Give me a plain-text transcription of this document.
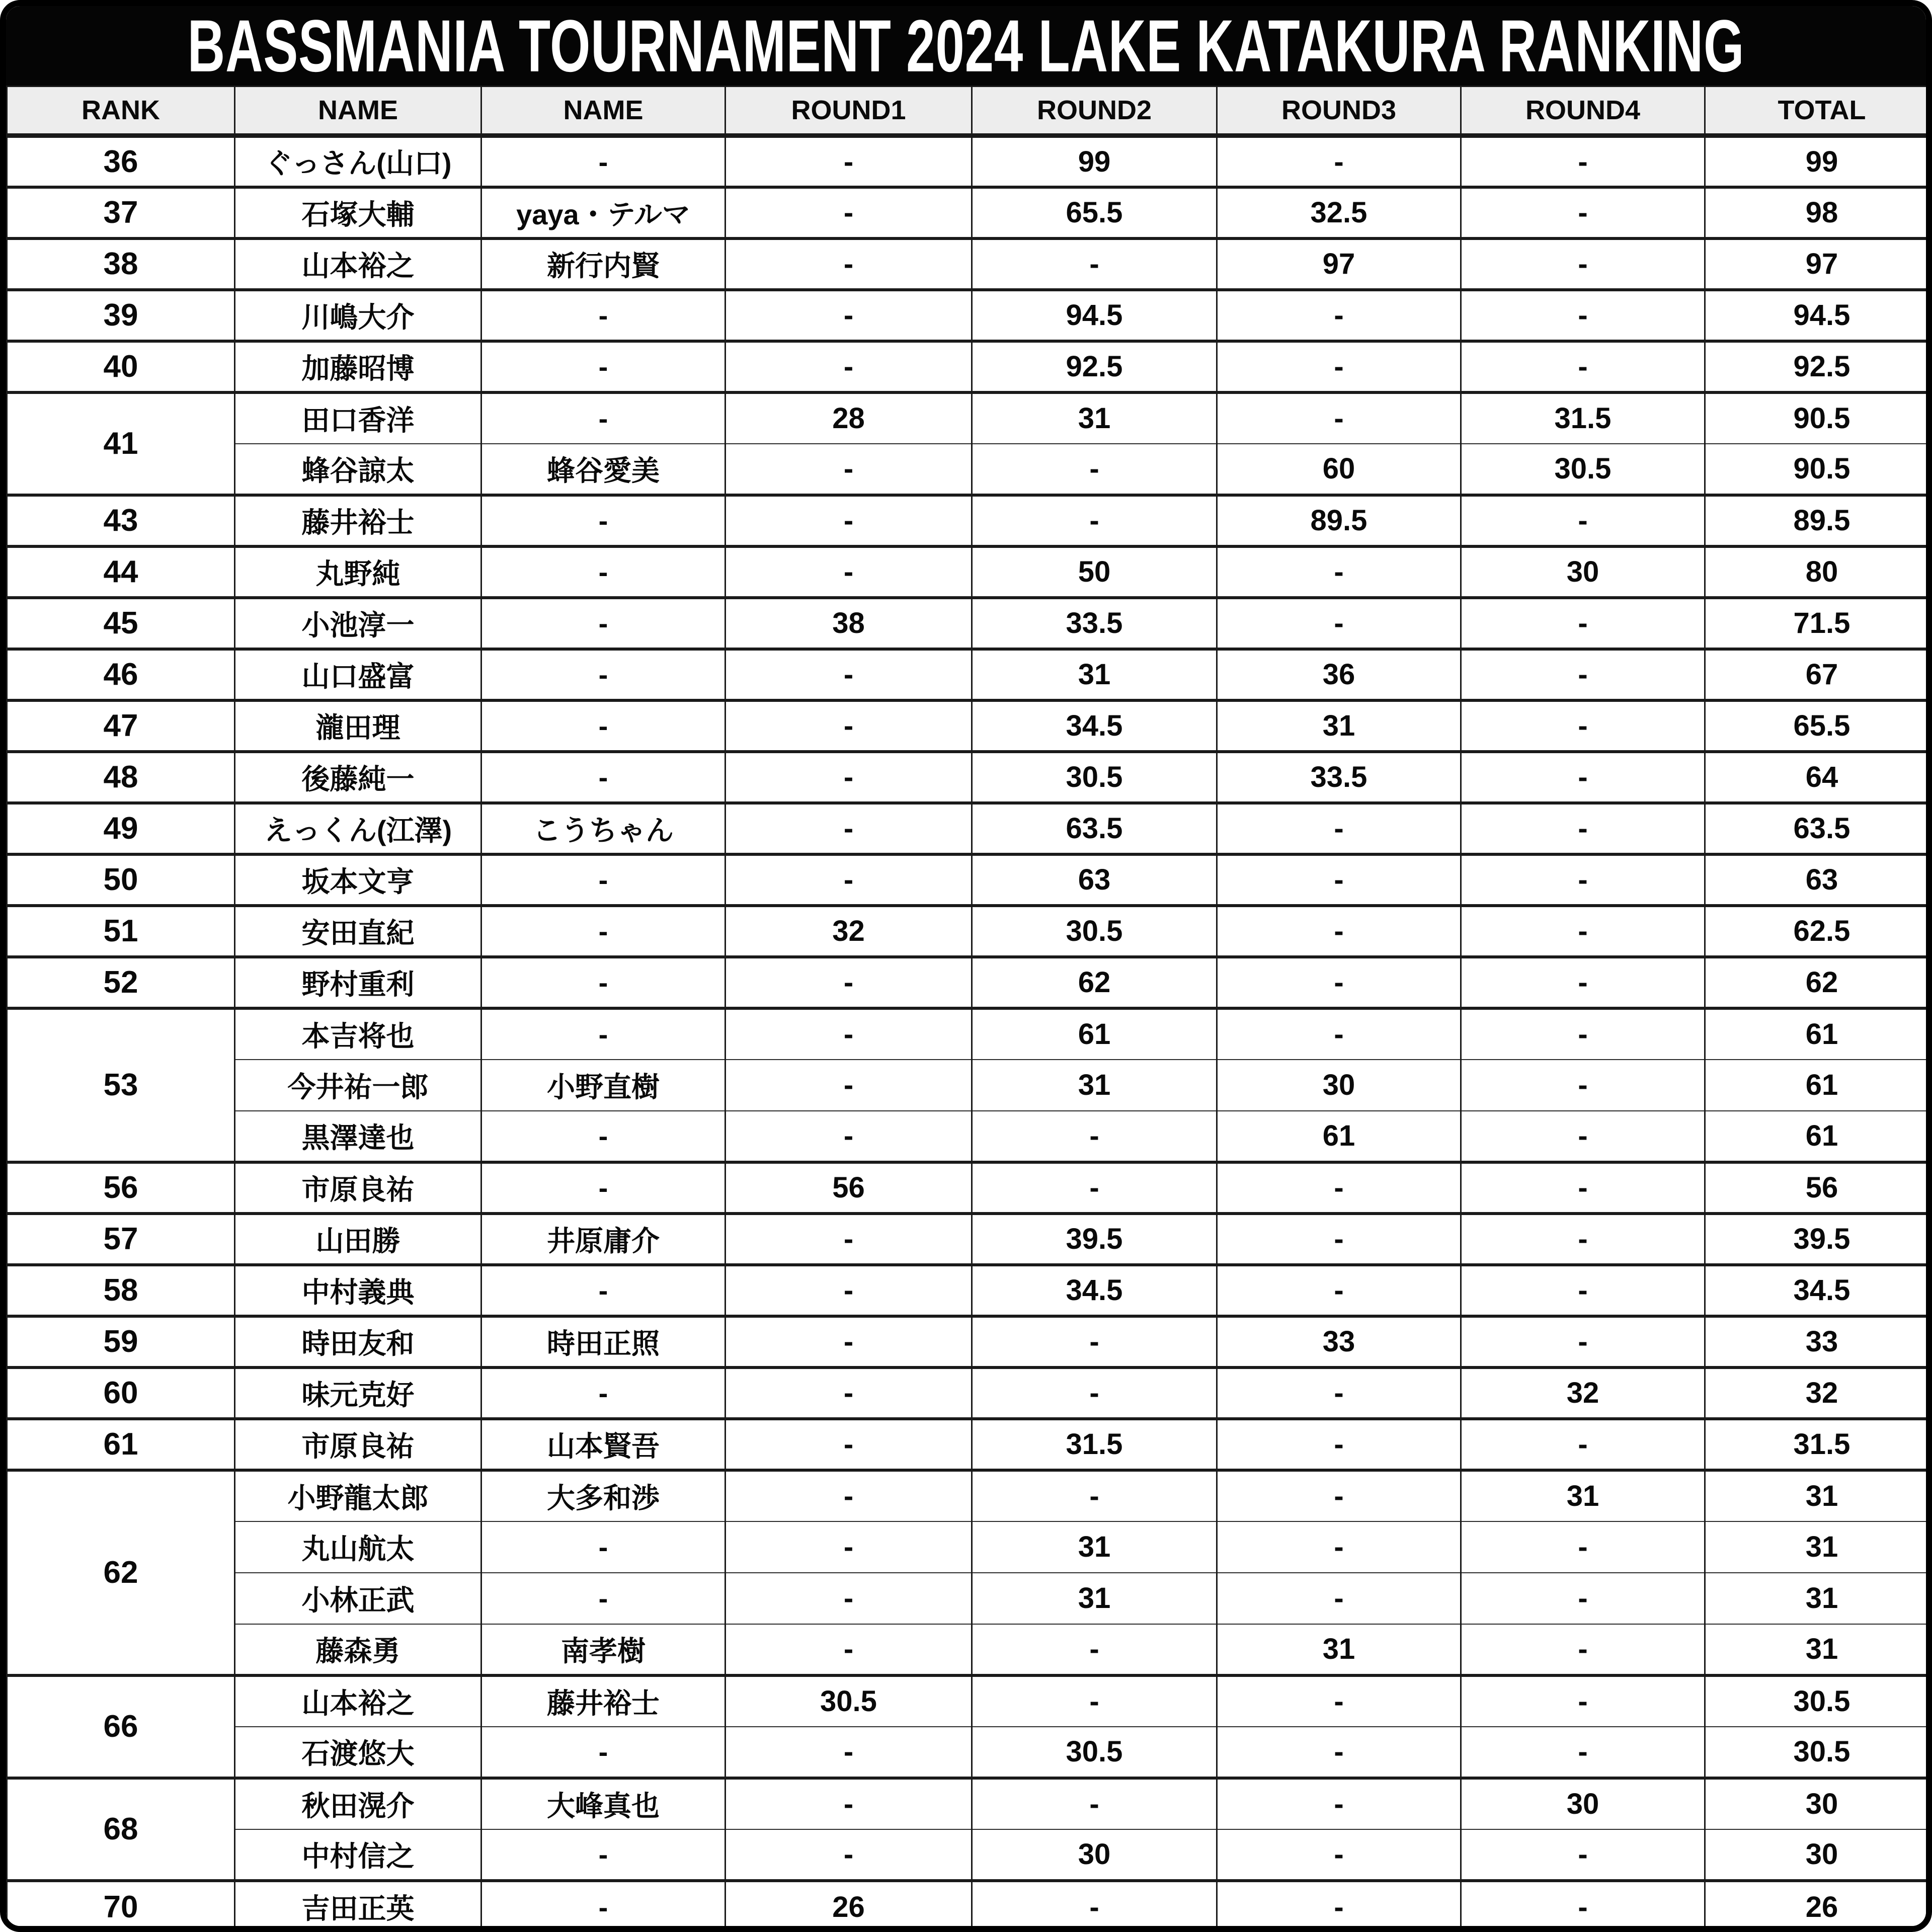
BASSMANIA TOURNAMENT 2024 LAKE KATAKURA RANKING
RANK	NAME	NAME	ROUND1	ROUND2	ROUND3	ROUND4	TOTAL
36	ぐっさん(山口)	-	-	99	-	-	99
37	石塚大輔	yaya・テルマ	-	65.5	32.5	-	98
38	山本裕之	新行内賢	-	-	97	-	97
39	川嶋大介	-	-	94.5	-	-	94.5
40	加藤昭博	-	-	92.5	-	-	92.5
41	田口香洋	-	28	31	-	31.5	90.5
	蜂谷諒太	蜂谷愛美	-	-	60	30.5	90.5
43	藤井裕士	-	-	-	89.5	-	89.5
44	丸野純	-	-	50	-	30	80
45	小池淳一	-	38	33.5	-	-	71.5
46	山口盛富	-	-	31	36	-	67
47	瀧田理	-	-	34.5	31	-	65.5
48	後藤純一	-	-	30.5	33.5	-	64
49	えっくん(江澤)	こうちゃん	-	63.5	-	-	63.5
50	坂本文亨	-	-	63	-	-	63
51	安田直紀	-	32	30.5	-	-	62.5
52	野村重利	-	-	62	-	-	62
53	本吉将也	-	-	61	-	-	61
	今井祐一郎	小野直樹	-	31	30	-	61
	黒澤達也	-	-	-	61	-	61
56	市原良祐	-	56	-	-	-	56
57	山田勝	井原庸介	-	39.5	-	-	39.5
58	中村義典	-	-	34.5	-	-	34.5
59	時田友和	時田正照	-	-	33	-	33
60	味元克好	-	-	-	-	32	32
61	市原良祐	山本賢吾	-	31.5	-	-	31.5
62	小野龍太郎	大多和渉	-	-	-	31	31
	丸山航太	-	-	31	-	-	31
	小林正武	-	-	31	-	-	31
	藤森勇	南孝樹	-	-	31	-	31
66	山本裕之	藤井裕士	30.5	-	-	-	30.5
	石渡悠大	-	-	30.5	-	-	30.5
68	秋田滉介	大峰真也	-	-	-	30	30
	中村信之	-	-	30	-	-	30
70	吉田正英	-	26	-	-	-	26
